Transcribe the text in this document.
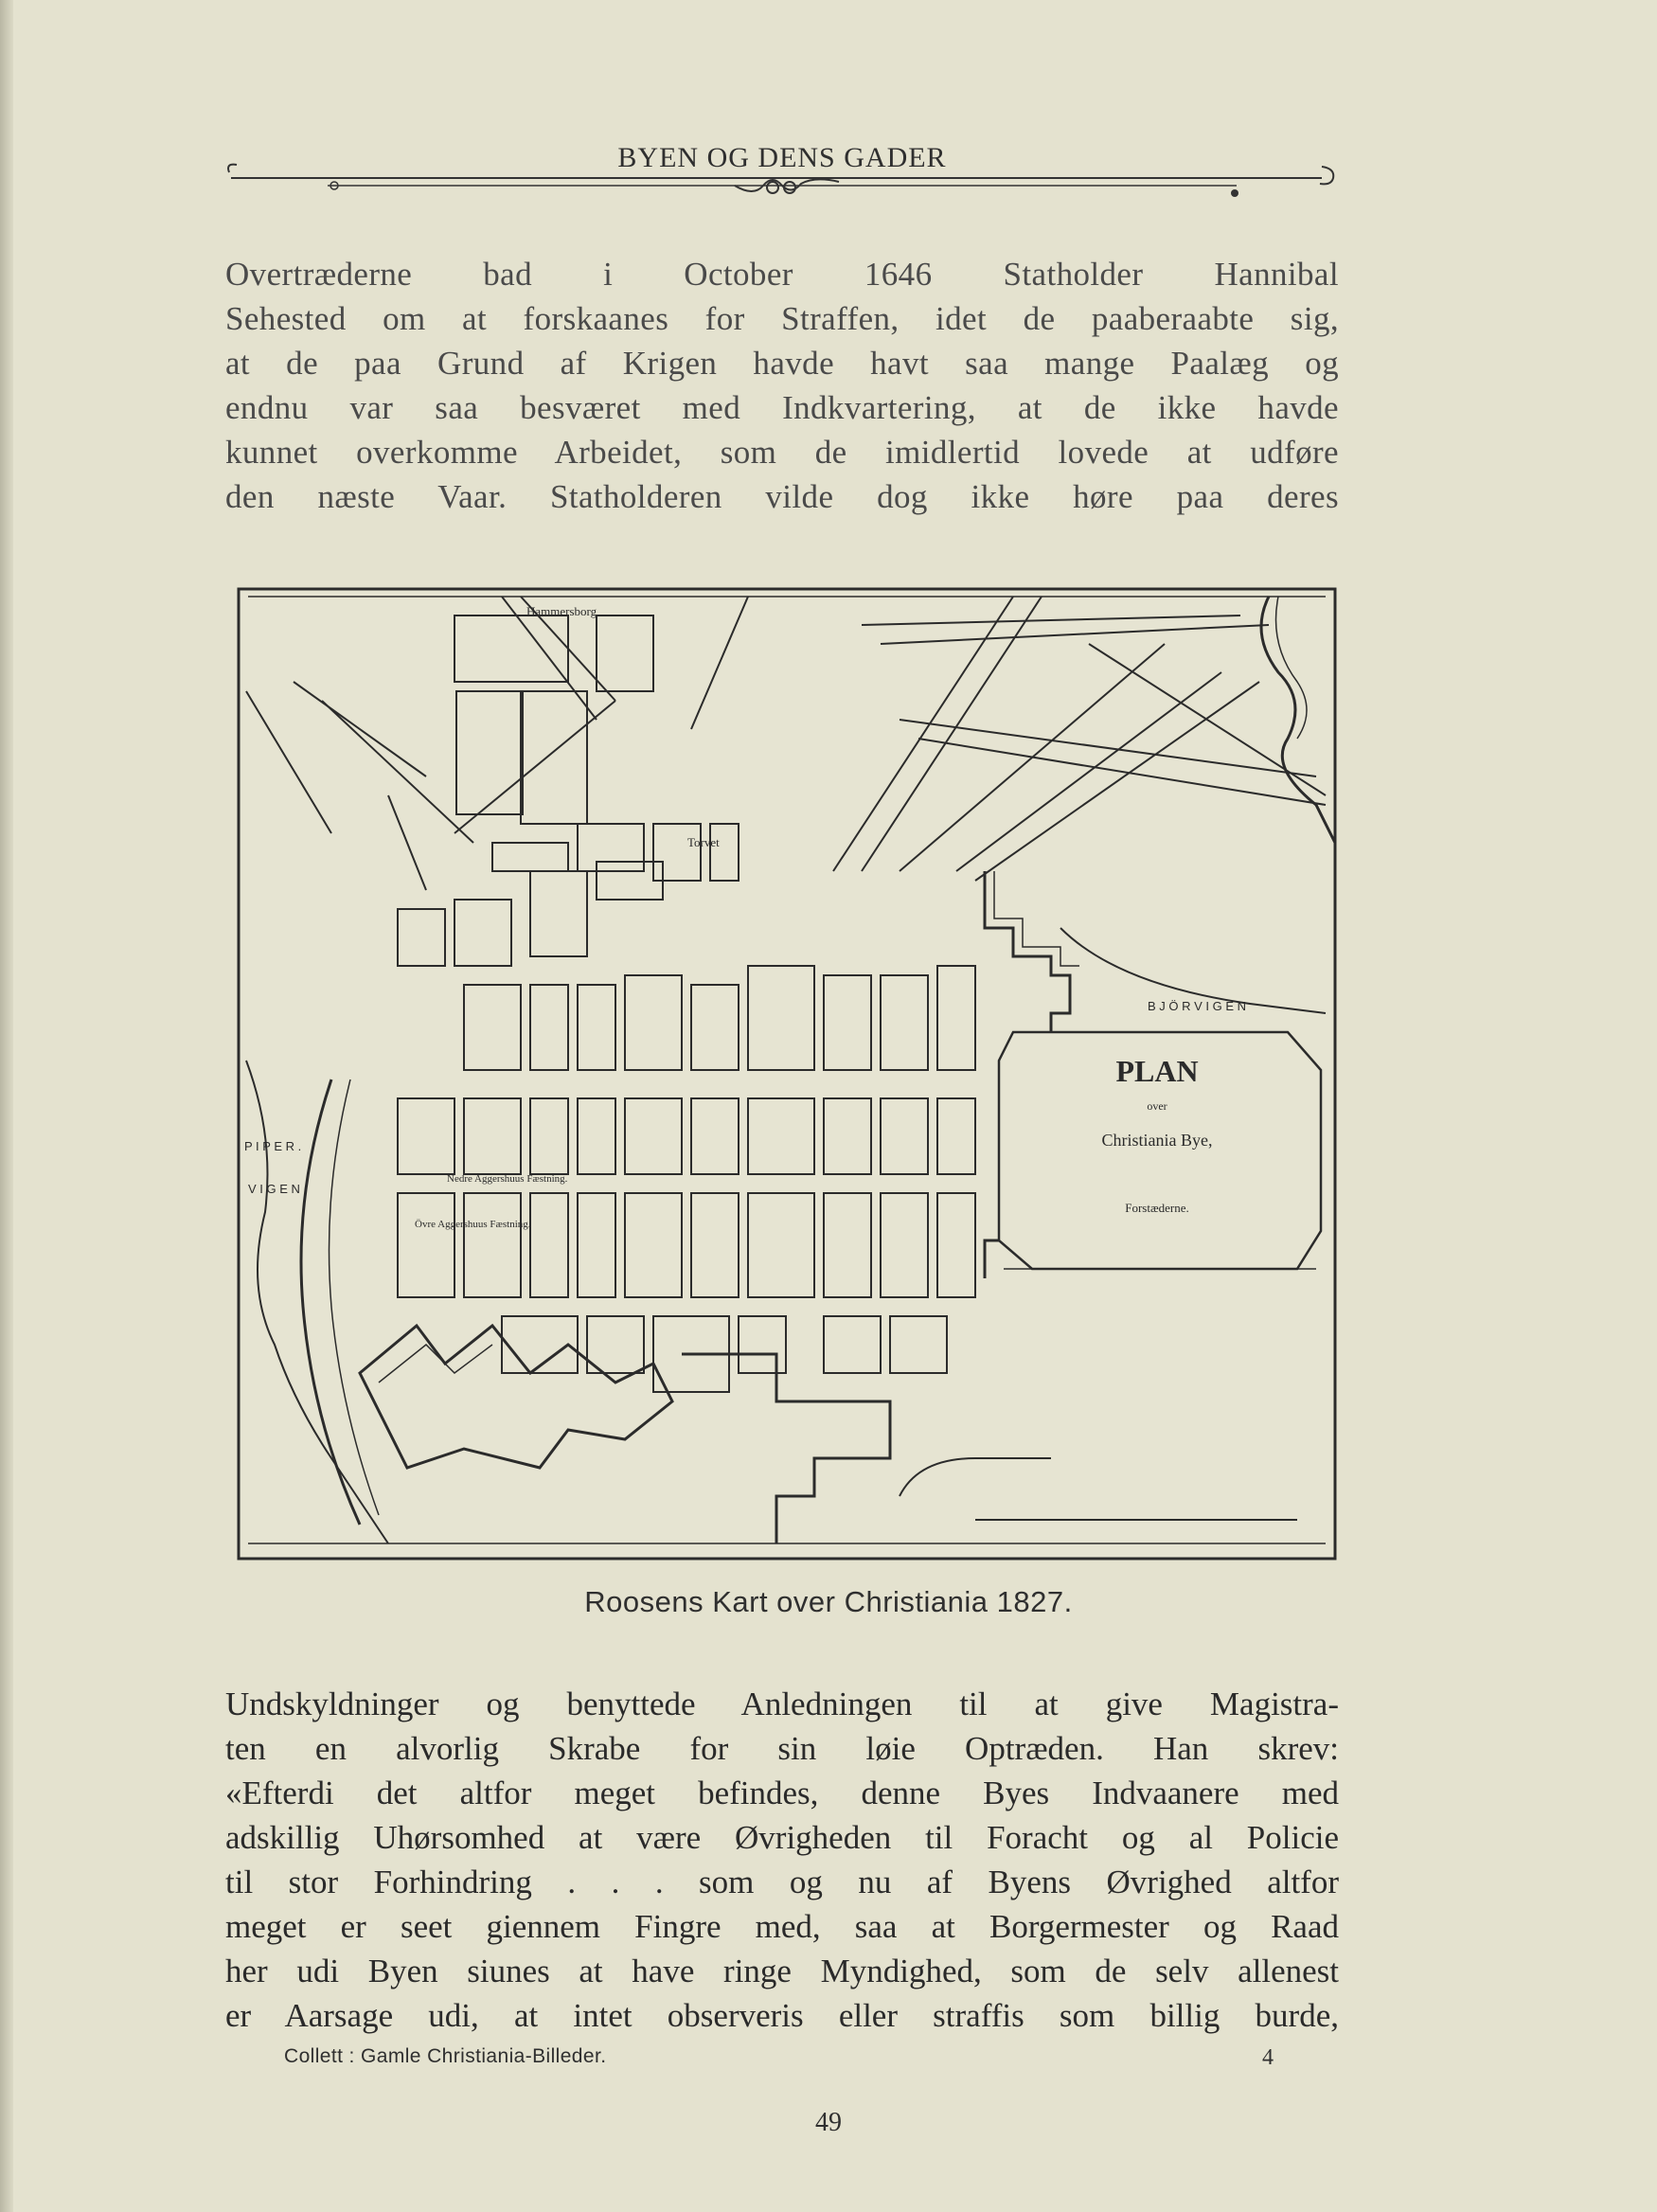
BYEN OG DENS GADER
Overtræderne bad i October 1646 Statholder Hannibal
Sehested om at forskaanes for Straffen, idet de paaberaabte sig,
at de paa Grund af Krigen havde havt saa mange Paalæg og
endnu var saa besværet med Indkvartering, at de ikke havde
kunnet overkomme Arbeidet, som de imidlertid lovede at udføre
den næste Vaar. Statholderen vilde dog ikke høre paa deres
Hammersborg
Torvet
B J Ö R V I G E N
P I P E R .
V I G E N .
Nedre Aggershuus Fæstning.
Övre Aggershuus Fæstning.
PLAN
over
Christiania Bye,
Forstæderne.
Roosens Kart over Christiania 1827.
Undskyldninger og benyttede Anledningen til at give Magistra-
ten en alvorlig Skrabe for sin løie Optræden. Han skrev:
«Efterdi det altfor meget befindes, denne Byes Indvaanere med
adskillig Uhørsomhed at være Øvrigheden til Foracht og al Policie
til stor Forhindring . . . som og nu af Byens Øvrighed altfor
meget er seet giennem Fingre med, saa at Borgermester og Raad
her udi Byen siunes at have ringe Myndighed, som de selv allenest
er Aarsage udi, at intet observeris eller straffis som billig burde,
Collett : Gamle Christiania-Billeder.	4
49
